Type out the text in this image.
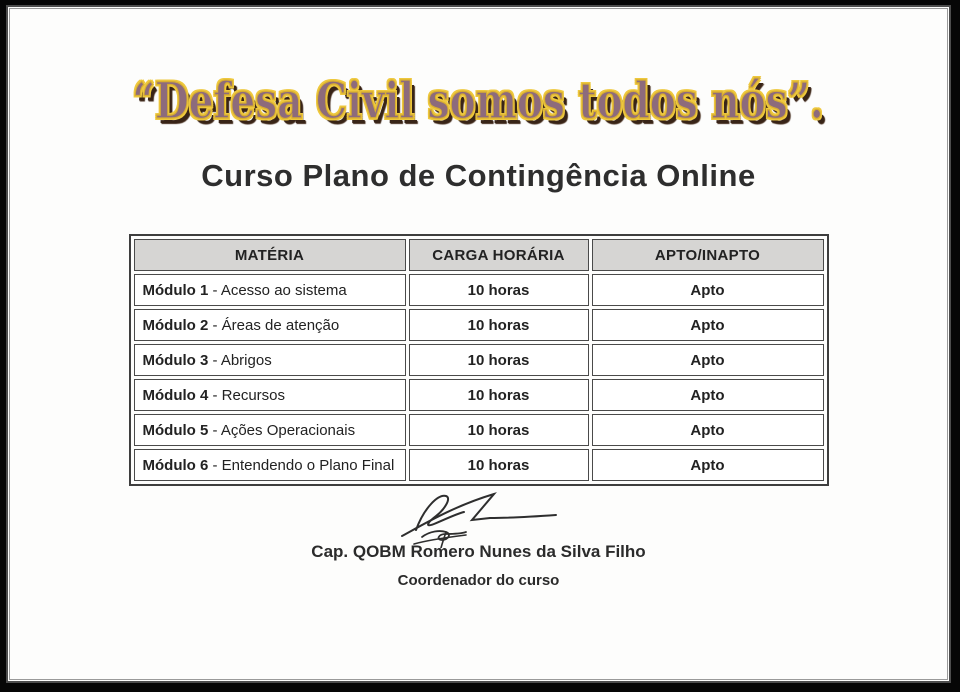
“Defesa Civil somos todos nós”.
Curso Plano de Contingência Online
MATÉRIA	CARGA HORÁRIA	APTO/INAPTO
Módulo 1 - Acesso ao sistema	10 horas	Apto
Módulo 2 - Áreas de atenção	10 horas	Apto
Módulo 3 - Abrigos	10 horas	Apto
Módulo 4 - Recursos	10 horas	Apto
Módulo 5 - Ações Operacionais	10 horas	Apto
Módulo 6 - Entendendo o Plano Final	10 horas	Apto

Cap. QOBM Romero Nunes da Silva Filho

Coordenador do curso
